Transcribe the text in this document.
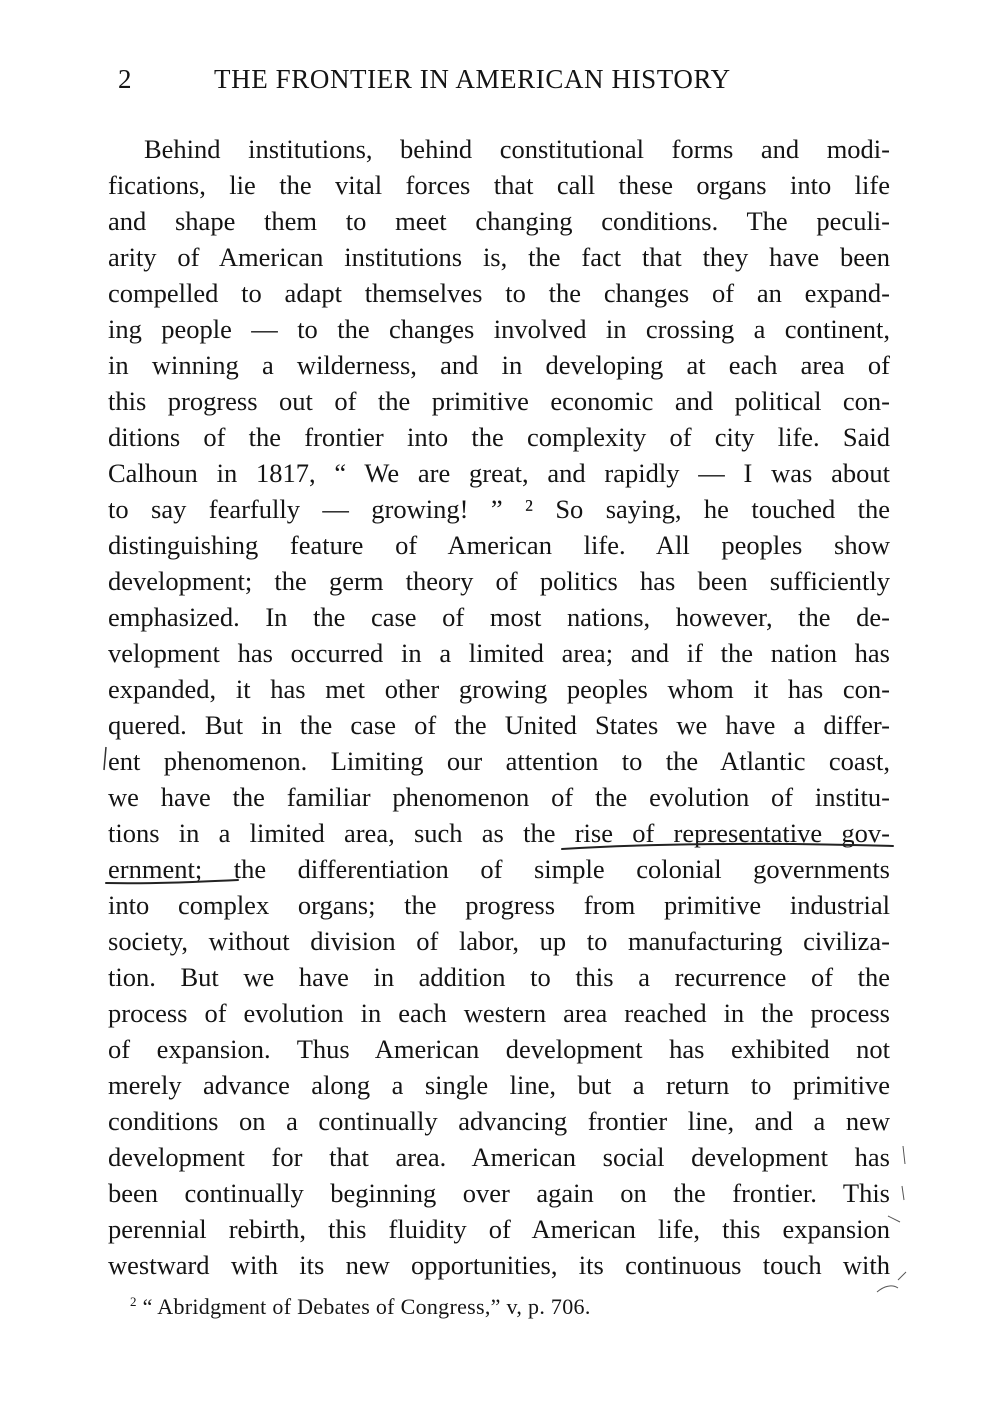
2	THE FRONTIER IN AMERICAN HISTORY
Behind institutions, behind constitutional forms and modi-
fications, lie the vital forces that call these organs into life
and shape them to meet changing conditions. The peculi-
arity of American institutions is, the fact that they have been
compelled to adapt themselves to the changes of an expand-
ing people — to the changes involved in crossing a continent,
in winning a wilderness, and in developing at each area of
this progress out of the primitive economic and political con-
ditions of the frontier into the complexity of city life. Said
Calhoun in 1817, “ We are great, and rapidly — I was about
to say fearfully — growing! ” ² So saying, he touched the
distinguishing feature of American life. All peoples show
development; the germ theory of politics has been sufficiently
emphasized. In the case of most nations, however, the de-
velopment has occurred in a limited area; and if the nation has
expanded, it has met other growing peoples whom it has con-
quered. But in the case of the United States we have a differ-
ent phenomenon. Limiting our attention to the Atlantic coast,
we have the familiar phenomenon of the evolution of institu-
tions in a limited area, such as the rise of representative gov-
ernment; the differentiation of simple colonial governments
into complex organs; the progress from primitive industrial
society, without division of labor, up to manufacturing civiliza-
tion. But we have in addition to this a recurrence of the
process of evolution in each western area reached in the process
of expansion. Thus American development has exhibited not
merely advance along a single line, but a return to primitive
conditions on a continually advancing frontier line, and a new
development for that area. American social development has
been continually beginning over again on the frontier. This
perennial rebirth, this fluidity of American life, this expansion
westward with its new opportunities, its continuous touch with
$^2$ “ Abridgment of Debates of Congress,” v, p. 706.
